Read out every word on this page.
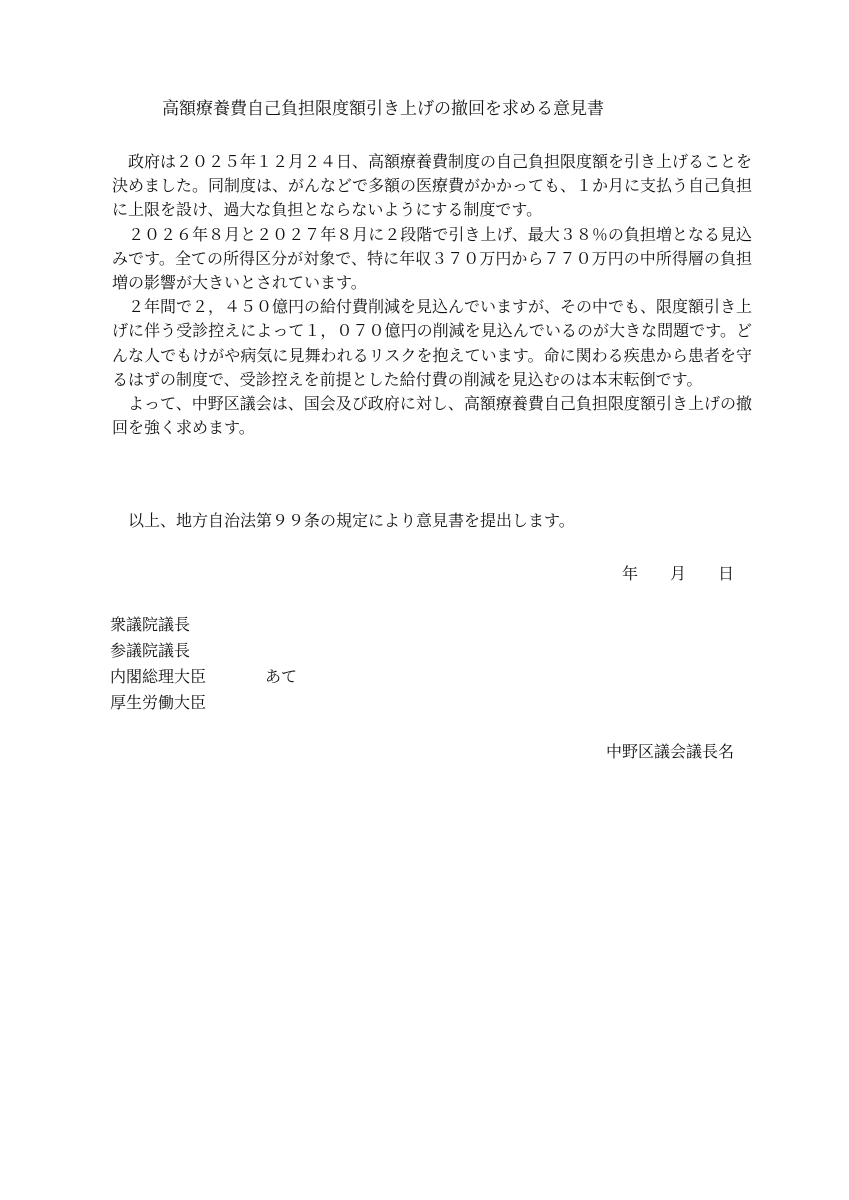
高額療養費自己負担限度額引き上げの撤回を求める意見書

政府は２０２５年１２月２４日、高額療養費制度の自己負担限度額を引き上げることを決めました。同制度は、がんなどで多額の医療費がかかっても、１か月に支払う自己負担に上限を設け、過大な負担とならないようにする制度です。

２０２６年８月と２０２７年８月に２段階で引き上げ、最大３８％の負担増となる見込みです。全ての所得区分が対象で、特に年収３７０万円から７７０万円の中所得層の負担増の影響が大きいとされています。

２年間で２，４５０億円の給付費削減を見込んでいますが、その中でも、限度額引き上げに伴う受診控えによって１，０７０億円の削減を見込んでいるのが大きな問題です。どんな人でもけがや病気に見舞われるリスクを抱えています。命に関わる疾患から患者を守るはずの制度で、受診控えを前提とした給付費の削減を見込むのは本末転倒です。

よって、中野区議会は、国会及び政府に対し、高額療養費自己負担限度額引き上げの撤回を強く求めます。

以上、地方自治法第９９条の規定により意見書を提出します。
年　　月　　日
衆議院議長
参議院議長
内閣総理大臣
厚生労働大臣
あて
中野区議会議長名
